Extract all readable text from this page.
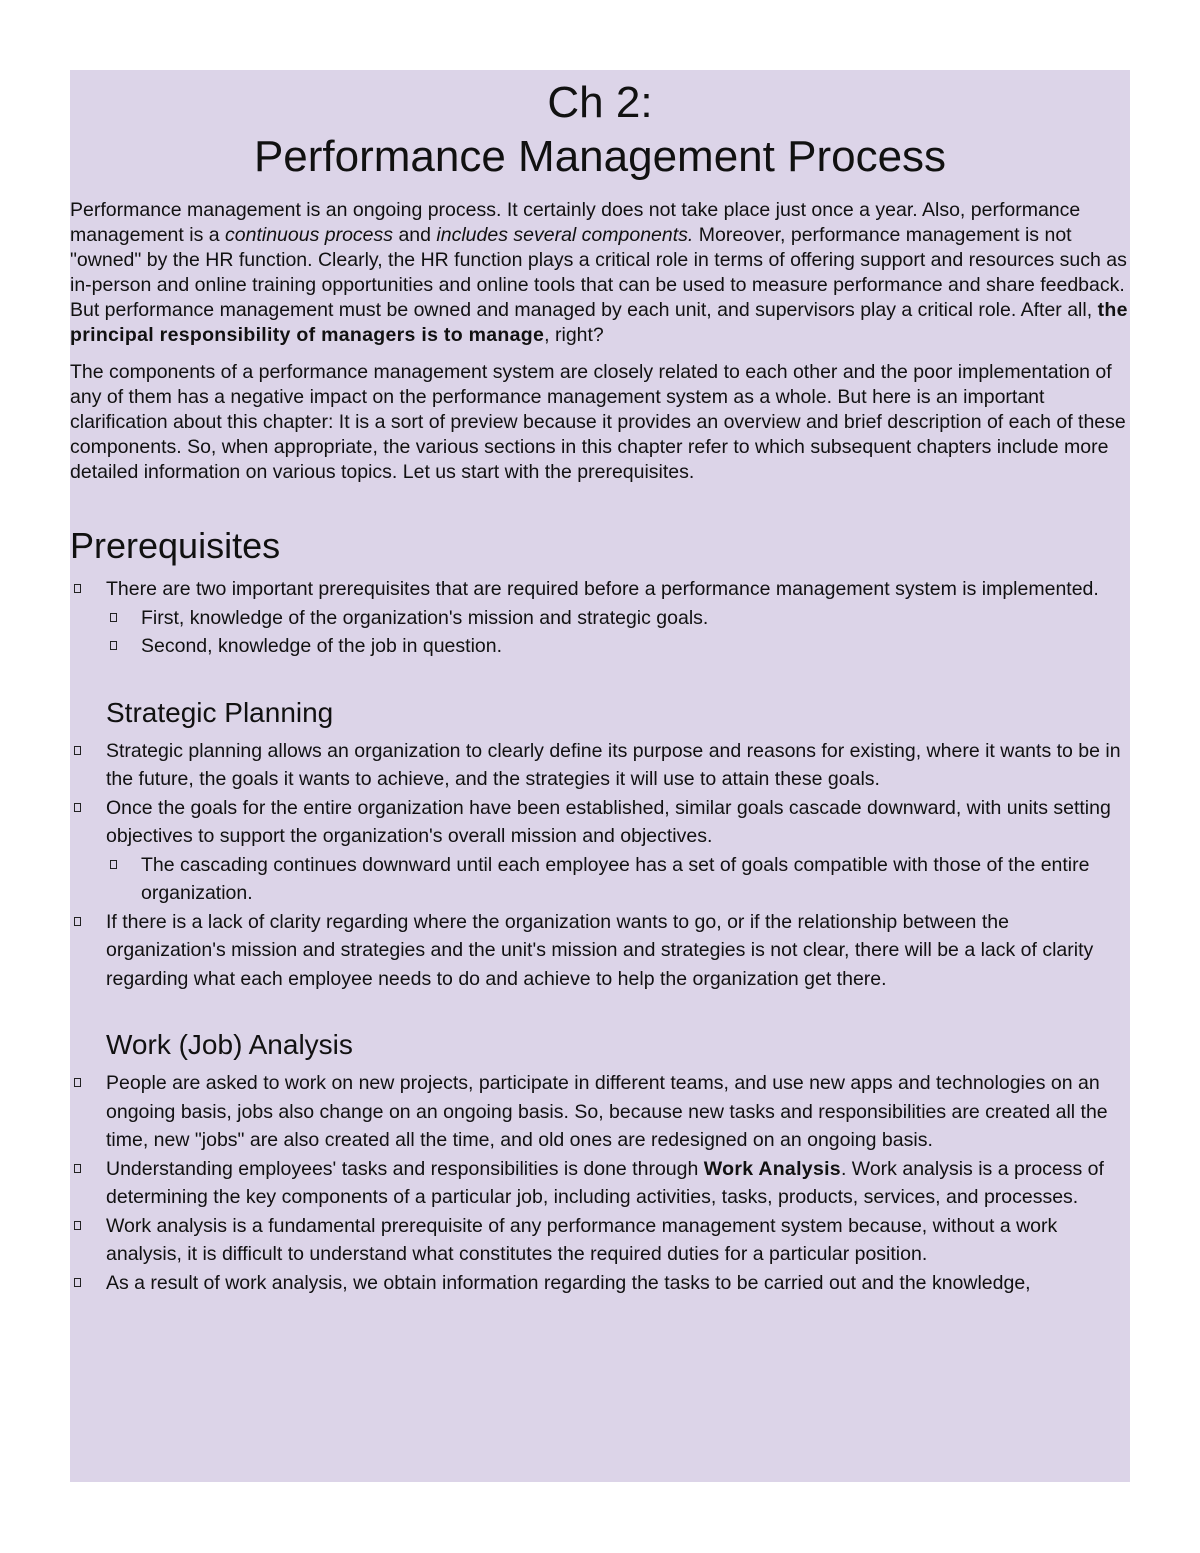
Ch 2:
Performance Management Process

Performance management is an ongoing process. It certainly does not take place just once a year. Also, performance management is a continuous process and includes several components. Moreover, performance management is not "owned" by the HR function. Clearly, the HR function plays a critical role in terms of offering support and resources such as in-person and online training opportunities and online tools that can be used to measure performance and share feedback. But performance management must be owned and managed by each unit, and supervisors play a critical role. After all, the principal responsibility of managers is to manage, right?

The components of a performance management system are closely related to each other and the poor implementation of any of them has a negative impact on the performance management system as a whole. But here is an important clarification about this chapter: It is a sort of preview because it provides an overview and brief description of each of these components. So, when appropriate, the various sections in this chapter refer to which subsequent chapters include more detailed information on various topics. Let us start with the prerequisites.

Prerequisites
There are two important prerequisites that are required before a performance management system is implemented.
First, knowledge of the organization's mission and strategic goals.
Second, knowledge of the job in question.
Strategic Planning
Strategic planning allows an organization to clearly define its purpose and reasons for existing, where it wants to be in the future, the goals it wants to achieve, and the strategies it will use to attain these goals.
Once the goals for the entire organization have been established, similar goals cascade downward, with units setting objectives to support the organization's overall mission and objectives.
The cascading continues downward until each employee has a set of goals compatible with those of the entire organization.
If there is a lack of clarity regarding where the organization wants to go, or if the relationship between the organization's mission and strategies and the unit's mission and strategies is not clear, there will be a lack of clarity regarding what each employee needs to do and achieve to help the organization get there.
Work (Job) Analysis
People are asked to work on new projects, participate in different teams, and use new apps and technologies on an ongoing basis, jobs also change on an ongoing basis. So, because new tasks and responsibilities are created all the time, new "jobs" are also created all the time, and old ones are redesigned on an ongoing basis.
Understanding employees' tasks and responsibilities is done through Work Analysis. Work analysis is a process of determining the key components of a particular job, including activities, tasks, products, services, and processes.
Work analysis is a fundamental prerequisite of any performance management system because, without a work analysis, it is difficult to understand what constitutes the required duties for a particular position.
As a result of work analysis, we obtain information regarding the tasks to be carried out and the knowledge,
